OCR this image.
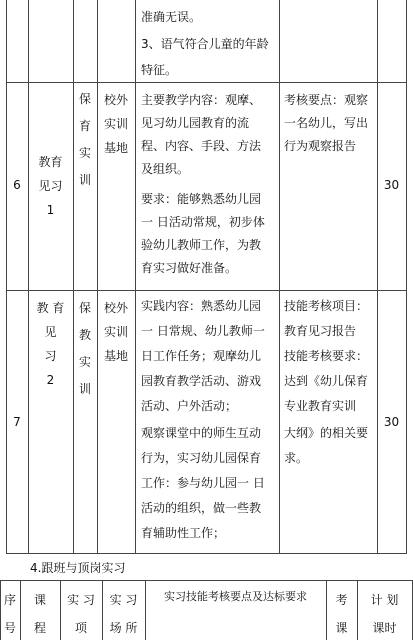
准确无误。
3、语气符合儿童的年龄
特征。
6
教育
见习
1
保
育
实
训
校外
实训
基地
主要教学内容：观摩、
见习幼儿园教育的流
程、内容、手段、方法
及组织。
要求：能够熟悉幼儿园
一 日活动常规，初步体
验幼儿教师工作，为教
育实习做好准备。
考核要点：观察
一名幼儿，写出
行为观察报告
30
7
教 育
见
习
2
保
教
实
训
校外
实训
基地
实践内容：熟悉幼儿园
一 日常规、幼儿教师一
日工作任务；观摩幼儿
园教育教学活动、游戏
活动、户外活动；
观察课堂中的师生互动
行为，实习幼儿园保育
工作：参与幼儿园一 日
活动的组织，做一些教
育辅助性工作；
技能考核项目：
教育见习报告
技能考核要求：
达到《幼儿保育
专业教育实训
大纲》的相关要
求。
30
4.跟班与顶岗实习
序
号
课
程
实 习
项
实 习
场 所
实习技能考核要点及达标要求	考
课
计 划
课时
